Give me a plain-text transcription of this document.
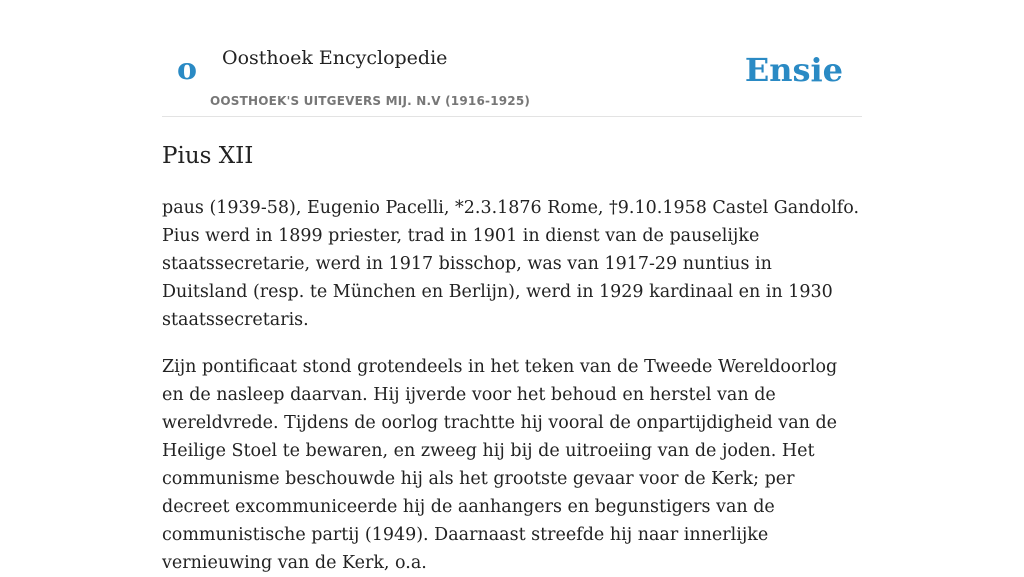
o Oosthoek Encyclopedie
OOSTHOEK'S UITGEVERS MIJ. N.V (1916-1925)
Ensie
Pius XII

paus (1939-58), Eugenio Pacelli, *2.3.1876 Rome, †9.10.1958 Castel Gandolfo. Pius werd in 1899 priester, trad in 1901 in dienst van de pauselijke staatssecretarie, werd in 1917 bisschop, was van 1917-29 nuntius in Duitsland (resp. te München en Berlijn), werd in 1929 kardinaal en in 1930 staatssecretaris.

Zijn pontificaat stond grotendeels in het teken van de Tweede Wereldoorlog en de nasleep daarvan. Hij ijverde voor het behoud en herstel van de wereldvrede. Tijdens de oorlog trachtte hij vooral de onpartijdigheid van de Heilige Stoel te bewaren, en zweeg hij bij de uitroeiing van de joden. Het communisme beschouwde hij als het grootste gevaar voor de Kerk; per decreet excommuniceerde hij de aanhangers en begunstigers van de communistische partij (1949). Daarnaast streefde hij naar innerlijke vernieuwing van de Kerk, o.a.
